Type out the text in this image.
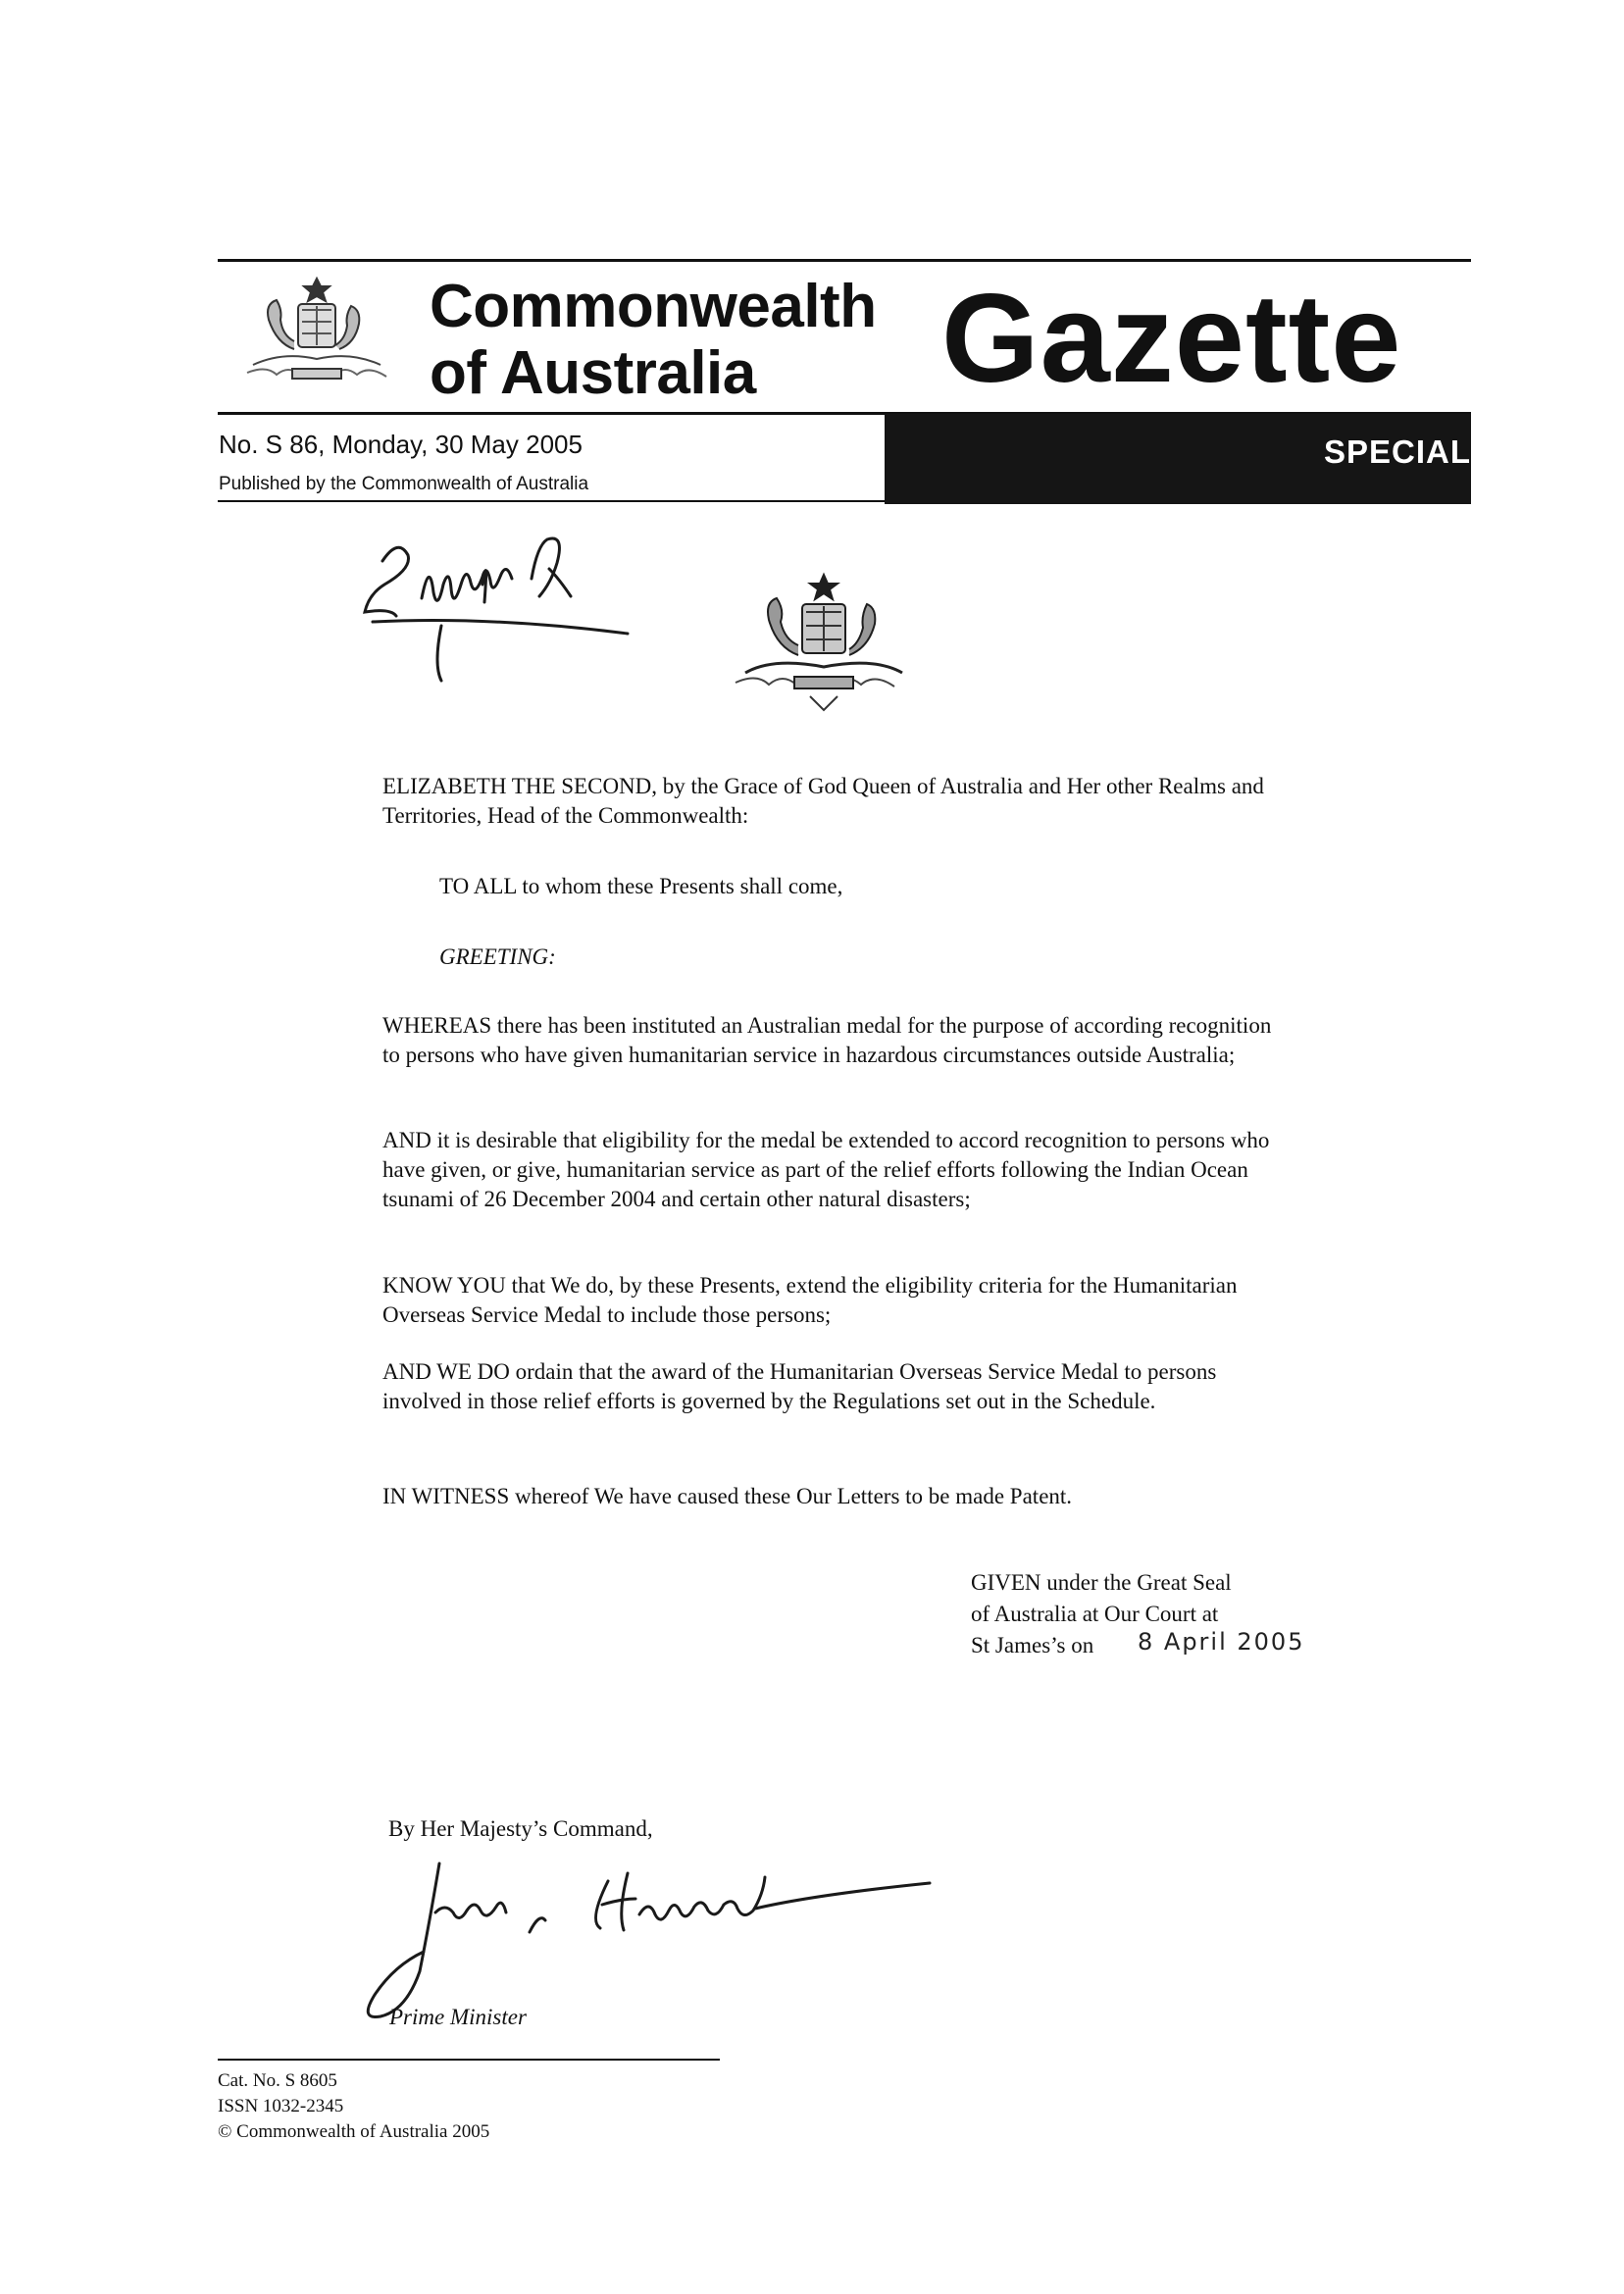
Commonwealth
of Australia Gazette
No. S 86, Monday, 30 May 2005
Published by the Commonwealth of Australia
SPECIAL
ELIZABETH THE SECOND, by the Grace of God Queen of Australia and Her other Realms and Territories, Head of the Commonwealth:
TO ALL to whom these Presents shall come,
GREETING:
WHEREAS there has been instituted an Australian medal for the purpose of according recognition to persons who have given humanitarian service in hazardous circumstances outside Australia;
AND it is desirable that eligibility for the medal be extended to accord recognition to persons who have given, or give, humanitarian service as part of the relief efforts following the Indian Ocean tsunami of 26 December 2004 and certain other natural disasters;
KNOW YOU that We do, by these Presents, extend the eligibility criteria for the Humanitarian Overseas Service Medal to include those persons;
AND WE DO ordain that the award of the Humanitarian Overseas Service Medal to persons involved in those relief efforts is governed by the Regulations set out in the Schedule.
IN WITNESS whereof We have caused these Our Letters to be made Patent.
GIVEN under the Great Seal
of Australia at Our Court at
St James’s on 8 April 2005
By Her Majesty’s Command,
Prime Minister
Cat. No. S 8605
ISSN 1032-2345
© Commonwealth of Australia 2005
